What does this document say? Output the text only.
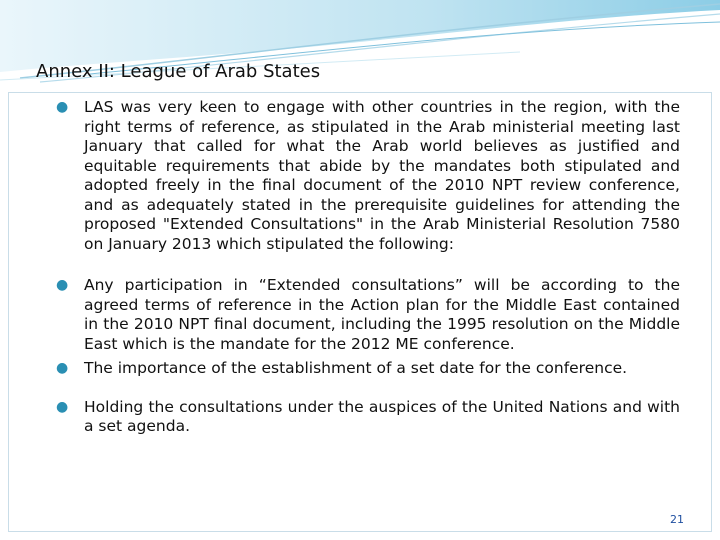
Annex II: League of Arab States
● LAS was very keen to engage with other countries in the region, with the right terms of reference, as stipulated in the Arab ministerial meeting last January that called for what the Arab world believes as justified and equitable requirements that abide by the mandates both stipulated and adopted freely in the final document of the 2010 NPT review conference, and as adequately stated in the prerequisite guidelines for attending the proposed "Extended Consultations" in the Arab Ministerial Resolution 7580 on January 2013 which stipulated the following:
● Any participation in “Extended consultations” will be according to the agreed terms of reference in the Action plan for the Middle East contained in the 2010 NPT final document, including the 1995 resolution on the Middle East which is the mandate for the 2012 ME conference.
● The importance of the establishment of a set date for the conference.
● Holding the consultations under the auspices of the United Nations and with a set agenda.
21
